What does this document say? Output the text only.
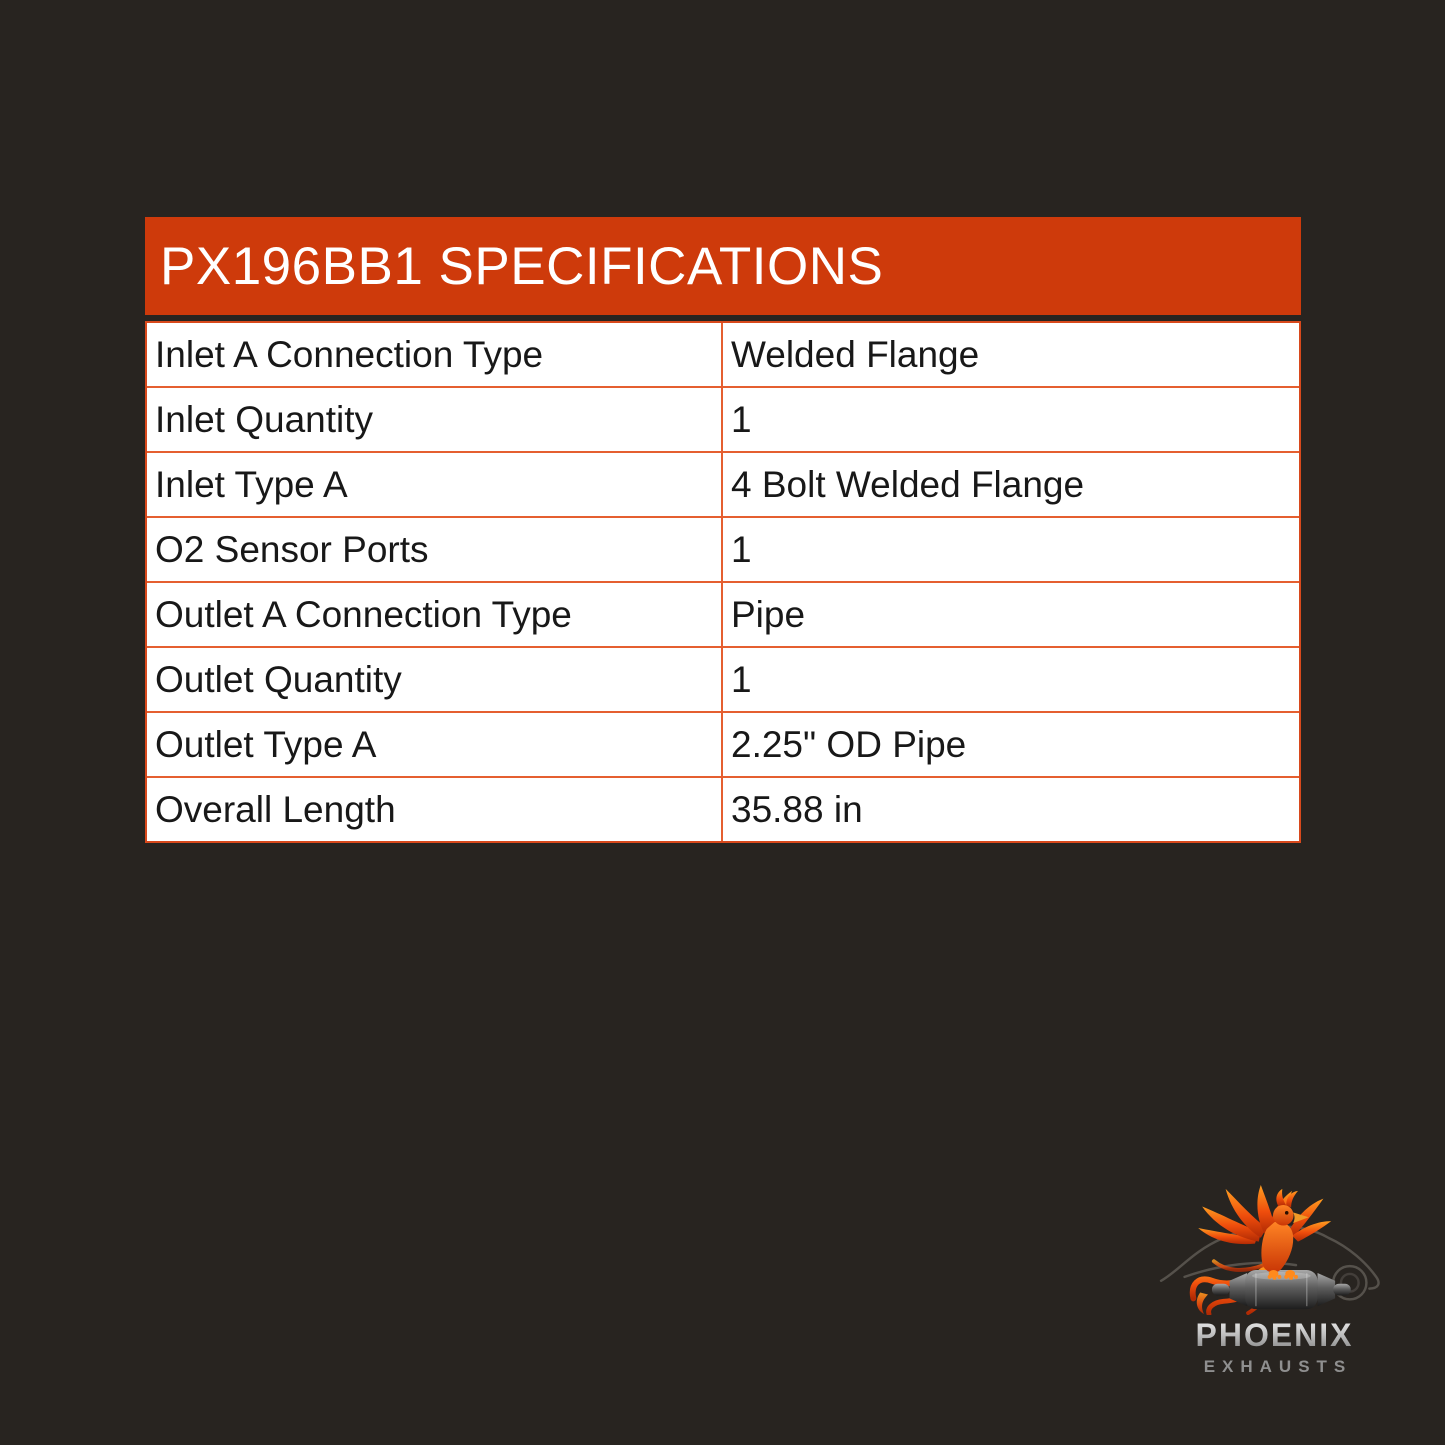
PX196BB1 SPECIFICATIONS
Inlet A Connection Type	Welded Flange
Inlet Quantity	1
Inlet Type A	4 Bolt Welded Flange
O2 Sensor Ports	1
Outlet A Connection Type	Pipe
Outlet Quantity	1
Outlet Type A	2.25" OD Pipe
Overall Length	35.88 in
PHOENIX
EXHAUSTS
